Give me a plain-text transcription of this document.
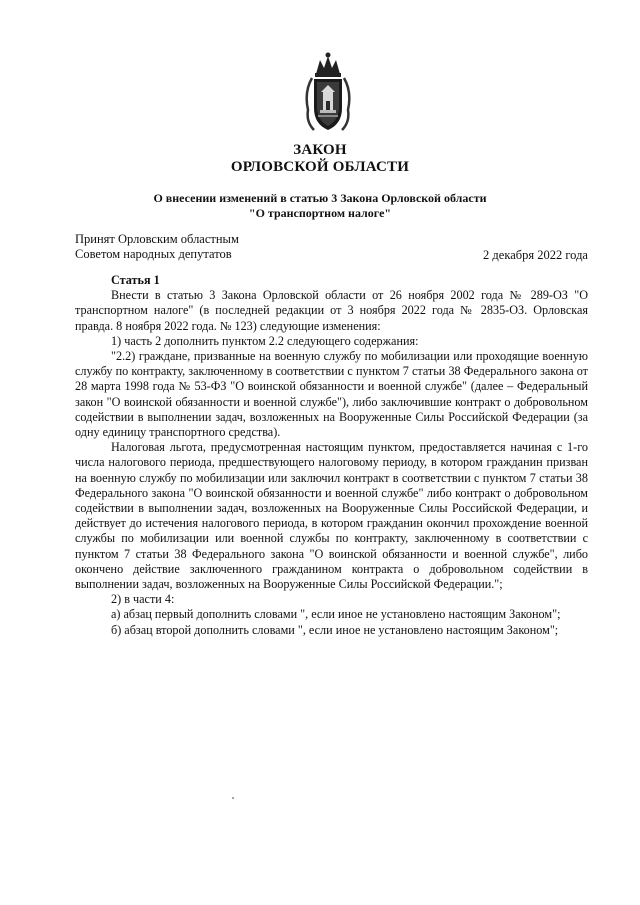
ЗАКОН
ОРЛОВСКОЙ ОБЛАСТИ
О внесении изменений в статью 3 Закона Орловской области
"О транспортном налоге"
Принят Орловским областным
Советом народных депутатов	2 декабря 2022 года

Статья 1

Внести в статью 3 Закона Орловской области от 26 ноября 2002 года № 289-ОЗ "О транспортном налоге" (в последней редакции от 3 ноября 2022 года № 2835-ОЗ. Орловская правда. 8 ноября 2022 года. № 123) следующие изменения:

1) часть 2 дополнить пунктом 2.2 следующего содержания:

"2.2) граждане, призванные на военную службу по мобилизации или проходящие военную службу по контракту, заключенному в соответствии с пунктом 7 статьи 38 Федерального закона от 28 марта 1998 года № 53-ФЗ "О воинской обязанности и военной службе" (далее – Федеральный закон "О воинской обязанности и военной службе"), либо заключившие контракт о добровольном содействии в выполнении задач, возложенных на Вооруженные Силы Российской Федерации (за одну единицу транспортного средства).

Налоговая льгота, предусмотренная настоящим пунктом, предоставляется начиная с 1-го числа налогового периода, предшествующего налоговому периоду, в котором гражданин призван на военную службу по мобилизации или заключил контракт в соответствии с пунктом 7 статьи 38 Федерального закона "О воинской обязанности и военной службе" либо контракт о добровольном содействии в выполнении задач, возложенных на Вооруженные Силы Российской Федерации, и действует до истечения налогового периода, в котором гражданин окончил прохождение военной службы по мобилизации или военной службы по контракту, заключенному в соответствии с пунктом 7 статьи 38 Федерального закона "О воинской обязанности и военной службе", либо окончено действие заключенного гражданином контракта о добровольном содействии в выполнении задач, возложенных на Вооруженные Силы Российской Федерации.";

2) в части 4:

а) абзац первый дополнить словами ", если иное не установлено настоящим Законом";

б) абзац второй дополнить словами ", если иное не установлено настоящим Законом";
